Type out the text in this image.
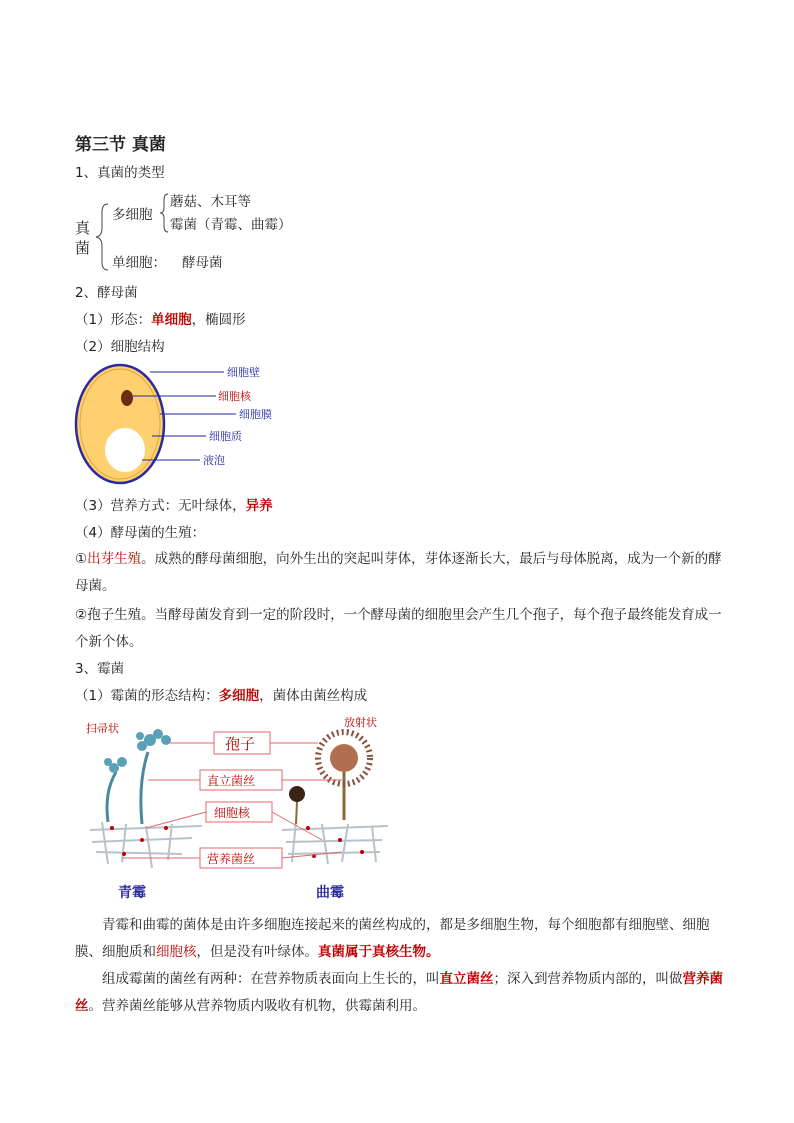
第三节 真菌
1、真菌的类型
真菌
多细胞
蘑菇、木耳等
霉菌（青霉、曲霉）
单细胞： 酵母菌
2、酵母菌
（1）形态：单细胞，椭圆形
（2）细胞结构
细胞壁
细胞核
细胞膜
细胞质
液泡
（3）营养方式：无叶绿体，异养
（4）酵母菌的生殖：
①出芽生殖。成熟的酵母菌细胞，向外生出的突起叫芽体，芽体逐渐长大，最后与母体脱离，成为一个新的酵母菌。
②孢子生殖。当酵母菌发育到一定的阶段时，一个酵母菌的细胞里会产生几个孢子，每个孢子最终能发育成一个新个体。
3、霉菌
（1）霉菌的形态结构：多细胞，菌体由菌丝构成
扫帚状	放射状
孢子
直立菌丝
细胞核
营养菌丝
青霉	曲霉
青霉和曲霉的菌体是由许多细胞连接起来的菌丝构成的，都是多细胞生物，每个细胞都有细胞壁、细胞膜、细胞质和细胞核，但是没有叶绿体。真菌属于真核生物。
组成霉菌的菌丝有两种：在营养物质表面向上生长的，叫直立菌丝；深入到营养物质内部的，叫做营养菌丝。营养菌丝能够从营养物质内吸收有机物，供霉菌利用。
